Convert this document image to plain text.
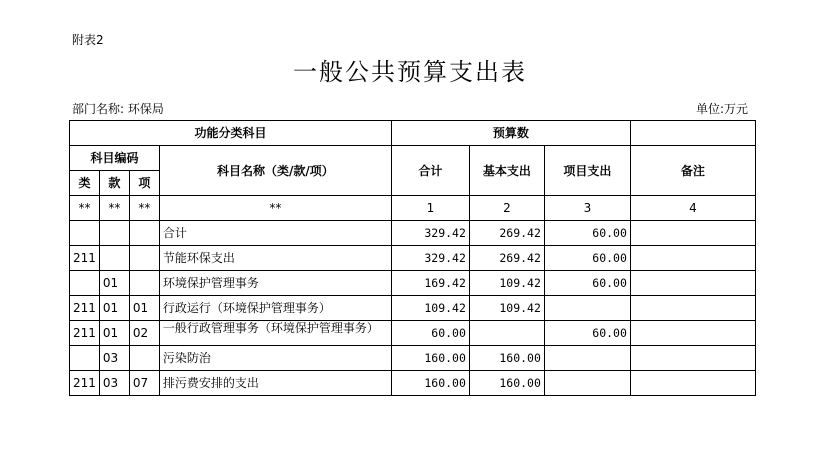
附表2
一般公共预算支出表
部门名称: 环保局	单位:万元
功能分类科目				预算数			
科目编码			科目名称（类/款/项）	合计	基本支出	项目支出	备注
类	款	项					
**	**	**	**	1	2	3	4
			合计	329.42	269.42	60.00	
211			节能环保支出	329.42	269.42	60.00	
	01		环境保护管理事务	169.42	109.42	60.00	
211	01	01	行政运行（环境保护管理事务）	109.42	109.42		
211	01	02	一般行政管理事务（环境保护管理事务）	60.00		60.00	
	03		污染防治	160.00	160.00		
211	03	07	排污费安排的支出	160.00	160.00		
